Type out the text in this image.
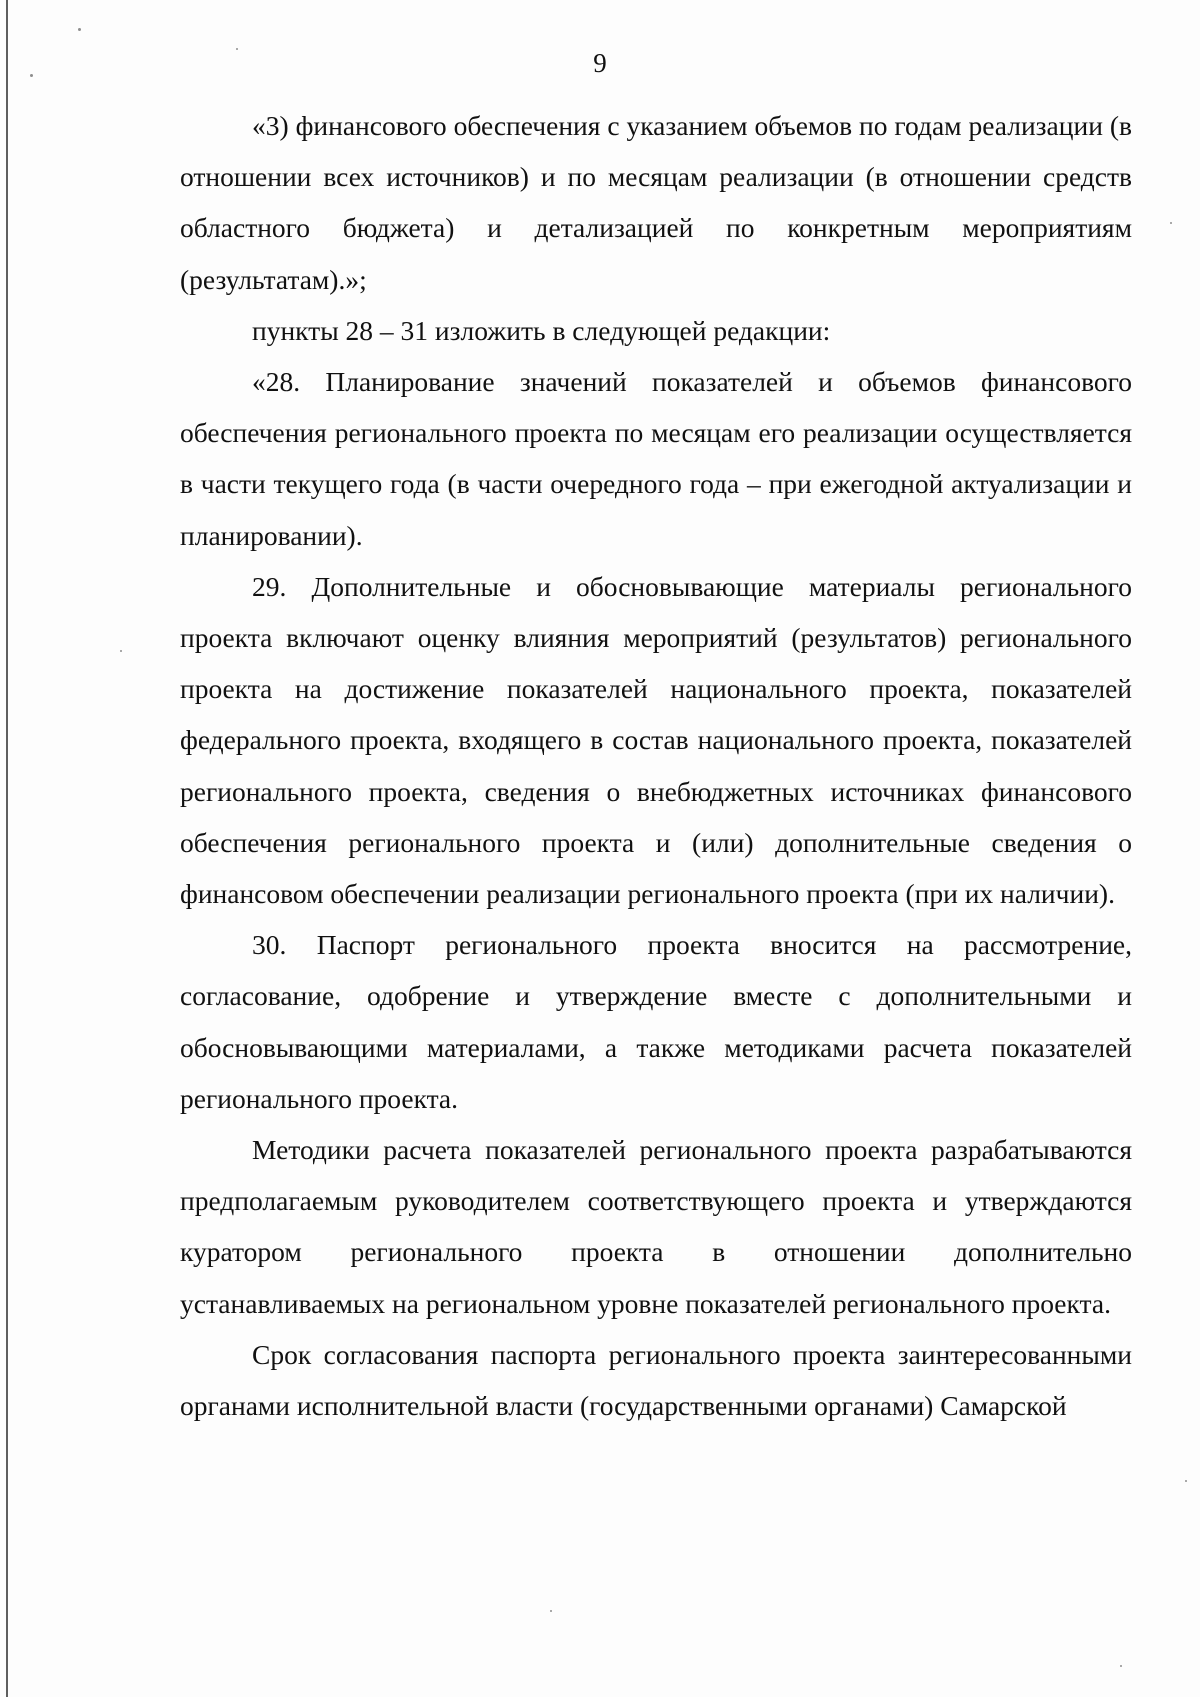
9

«3) финансового обеспечения с указанием объемов по годам реализации (в отношении всех источников) и по месяцам реализации (в отношении средств областного бюджета) и детализацией по конкретным мероприятиям (результатам).»;

пункты 28 – 31 изложить в следующей редакции:

«28. Планирование значений показателей и объемов финансового обеспечения регионального проекта по месяцам его реализации осуществляется в части текущего года (в части очередного года – при ежегодной актуализации и планировании).

29. Дополнительные и обосновывающие материалы регионального проекта включают оценку влияния мероприятий (результатов) регионального проекта на достижение показателей национального проекта, показателей федерального проекта, входящего в состав национального проекта, показателей регионального проекта, сведения о внебюджетных источниках финансового обеспечения регионального проекта и (или) дополнительные сведения о финансовом обеспечении реализации регионального проекта (при их наличии).

30. Паспорт регионального проекта вносится на рассмотрение, согласование, одобрение и утверждение вместе с дополнительными и обосновывающими материалами, а также методиками расчета показателей регионального проекта.

Методики расчета показателей регионального проекта разрабатываются предполагаемым руководителем соответствующего проекта и утверждаются куратором регионального проекта в отношении дополнительно устанавливаемых на региональном уровне показателей регионального проекта.

Срок согласования паспорта регионального проекта заинтересованными органами исполнительной власти (государственными органами) Самарской
